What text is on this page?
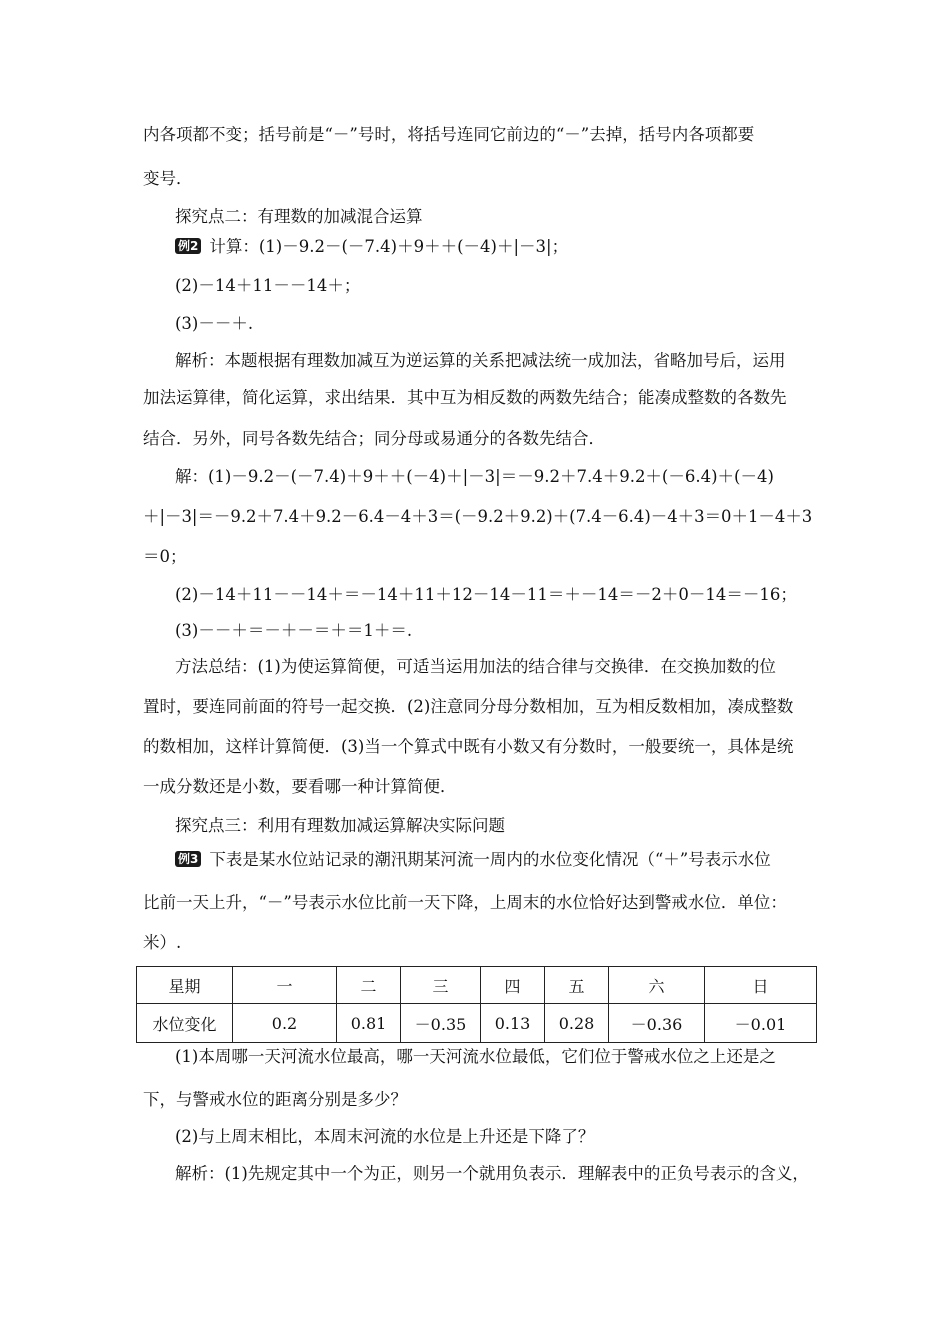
内各项都不变；括号前是“－”号时，将括号连同它前边的“－”去掉，括号内各项都要
变号．
探究点二：有理数的加减混合运算
例2 计算：(1)－9.2－(－7.4)＋9＋＋(－4)＋|－3|；
(2)－14＋11－－14＋；
(3)－－＋.
解析：本题根据有理数加减互为逆运算的关系把减法统一成加法，省略加号后，运用
加法运算律，简化运算，求出结果．其中互为相反数的两数先结合；能凑成整数的各数先
结合．另外，同号各数先结合；同分母或易通分的各数先结合．
解：(1)－9.2－(－7.4)＋9＋＋(－4)＋|－3|＝－9.2＋7.4＋9.2＋(－6.4)＋(－4)
＋|－3|＝－9.2＋7.4＋9.2－6.4－4＋3＝(－9.2＋9.2)＋(7.4－6.4)－4＋3＝0＋1－4＋3
＝0；
(2)－14＋11－－14＋＝－14＋11＋12－14－11＝＋－14＝－2＋0－14＝－16；
(3)－－＋＝－＋－＝＋＝1＋＝.
方法总结：(1)为使运算简便，可适当运用加法的结合律与交换律．在交换加数的位
置时，要连同前面的符号一起交换．(2)注意同分母分数相加，互为相反数相加，凑成整数
的数相加，这样计算简便．(3)当一个算式中既有小数又有分数时，一般要统一，具体是统
一成分数还是小数，要看哪一种计算简便．
探究点三：利用有理数加减运算解决实际问题
例3 下表是某水位站记录的潮汛期某河流一周内的水位变化情况（“＋”号表示水位
比前一天上升，“－”号表示水位比前一天下降，上周末的水位恰好达到警戒水位．单位：
米）.
星期	一	二	三	四	五	六	日
水位变化	0.2	0.81	－0.35	0.13	0.28	－0.36	－0.01
(1)本周哪一天河流水位最高，哪一天河流水位最低，它们位于警戒水位之上还是之
下，与警戒水位的距离分别是多少？
(2)与上周末相比，本周末河流的水位是上升还是下降了？
解析：(1)先规定其中一个为正，则另一个就用负表示．理解表中的正负号表示的含义，
